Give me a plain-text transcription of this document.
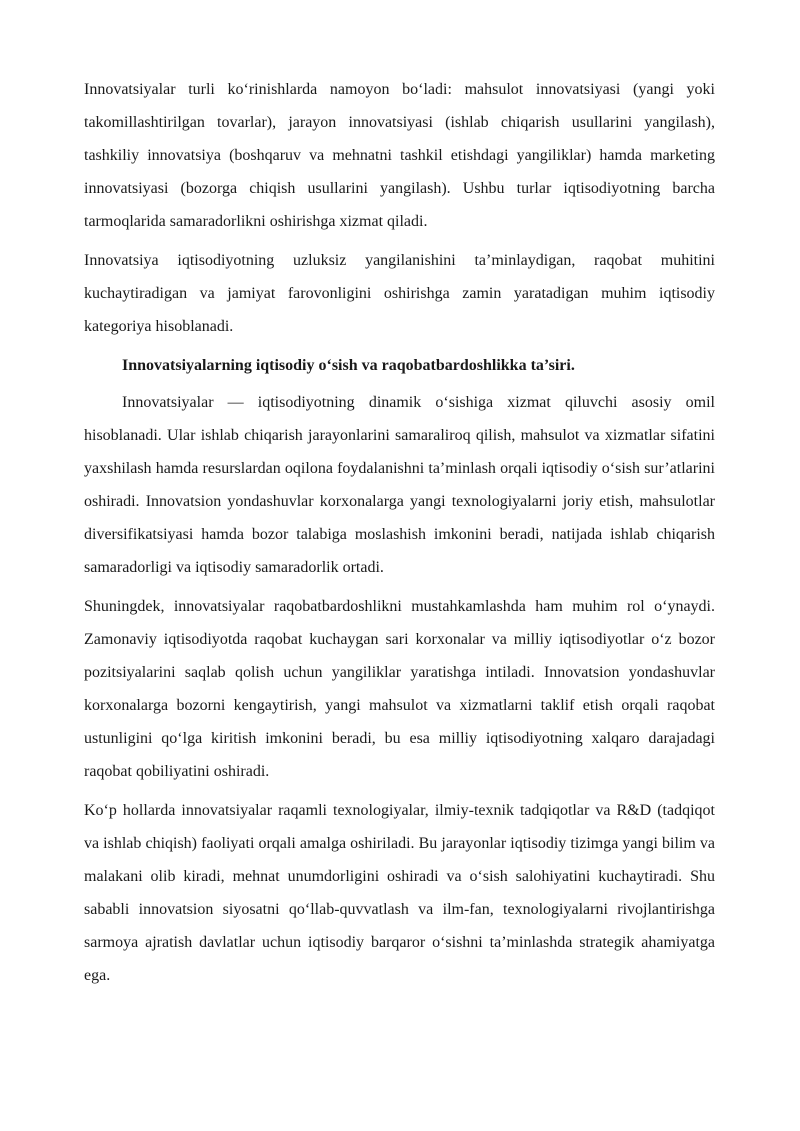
Innovatsiyalar turli ko‘rinishlarda namoyon bo‘ladi: mahsulot innovatsiyasi (yangi yoki takomillashtirilgan tovarlar), jarayon innovatsiyasi (ishlab chiqarish usullarini yangilash), tashkiliy innovatsiya (boshqaruv va mehnatni tashkil etishdagi yangiliklar) hamda marketing innovatsiyasi (bozorga chiqish usullarini yangilash). Ushbu turlar iqtisodiyotning barcha tarmoqlarida samaradorlikni oshirishga xizmat qiladi.

Innovatsiya iqtisodiyotning uzluksiz yangilanishini ta’minlaydigan, raqobat muhitini kuchaytiradigan va jamiyat farovonligini oshirishga zamin yaratadigan muhim iqtisodiy kategoriya hisoblanadi.

Innovatsiyalarning iqtisodiy o‘sish va raqobatbardoshlikka ta’siri.

Innovatsiyalar — iqtisodiyotning dinamik o‘sishiga xizmat qiluvchi asosiy omil hisoblanadi. Ular ishlab chiqarish jarayonlarini samaraliroq qilish, mahsulot va xizmatlar sifatini yaxshilash hamda resurslardan oqilona foydalanishni ta’minlash orqali iqtisodiy o‘sish sur’atlarini oshiradi. Innovatsion yondashuvlar korxonalarga yangi texnologiyalarni joriy etish, mahsulotlar diversifikatsiyasi hamda bozor talabiga moslashish imkonini beradi, natijada ishlab chiqarish samaradorligi va iqtisodiy samaradorlik ortadi.

Shuningdek, innovatsiyalar raqobatbardoshlikni mustahkamlashda ham muhim rol o‘ynaydi. Zamonaviy iqtisodiyotda raqobat kuchaygan sari korxonalar va milliy iqtisodiyotlar o‘z bozor pozitsiyalarini saqlab qolish uchun yangiliklar yaratishga intiladi. Innovatsion yondashuvlar korxonalarga bozorni kengaytirish, yangi mahsulot va xizmatlarni taklif etish orqali raqobat ustunligini qo‘lga kiritish imkonini beradi, bu esa milliy iqtisodiyotning xalqaro darajadagi raqobat qobiliyatini oshiradi.

Ko‘p hollarda innovatsiyalar raqamli texnologiyalar, ilmiy-texnik tadqiqotlar va R&D (tadqiqot va ishlab chiqish) faoliyati orqali amalga oshiriladi. Bu jarayonlar iqtisodiy tizimga yangi bilim va malakani olib kiradi, mehnat unumdorligini oshiradi va o‘sish salohiyatini kuchaytiradi. Shu sababli innovatsion siyosatni qo‘llab-quvvatlash va ilm-fan, texnologiyalarni rivojlantirishga sarmoya ajratish davlatlar uchun iqtisodiy barqaror o‘sishni ta’minlashda strategik ahamiyatga ega.
